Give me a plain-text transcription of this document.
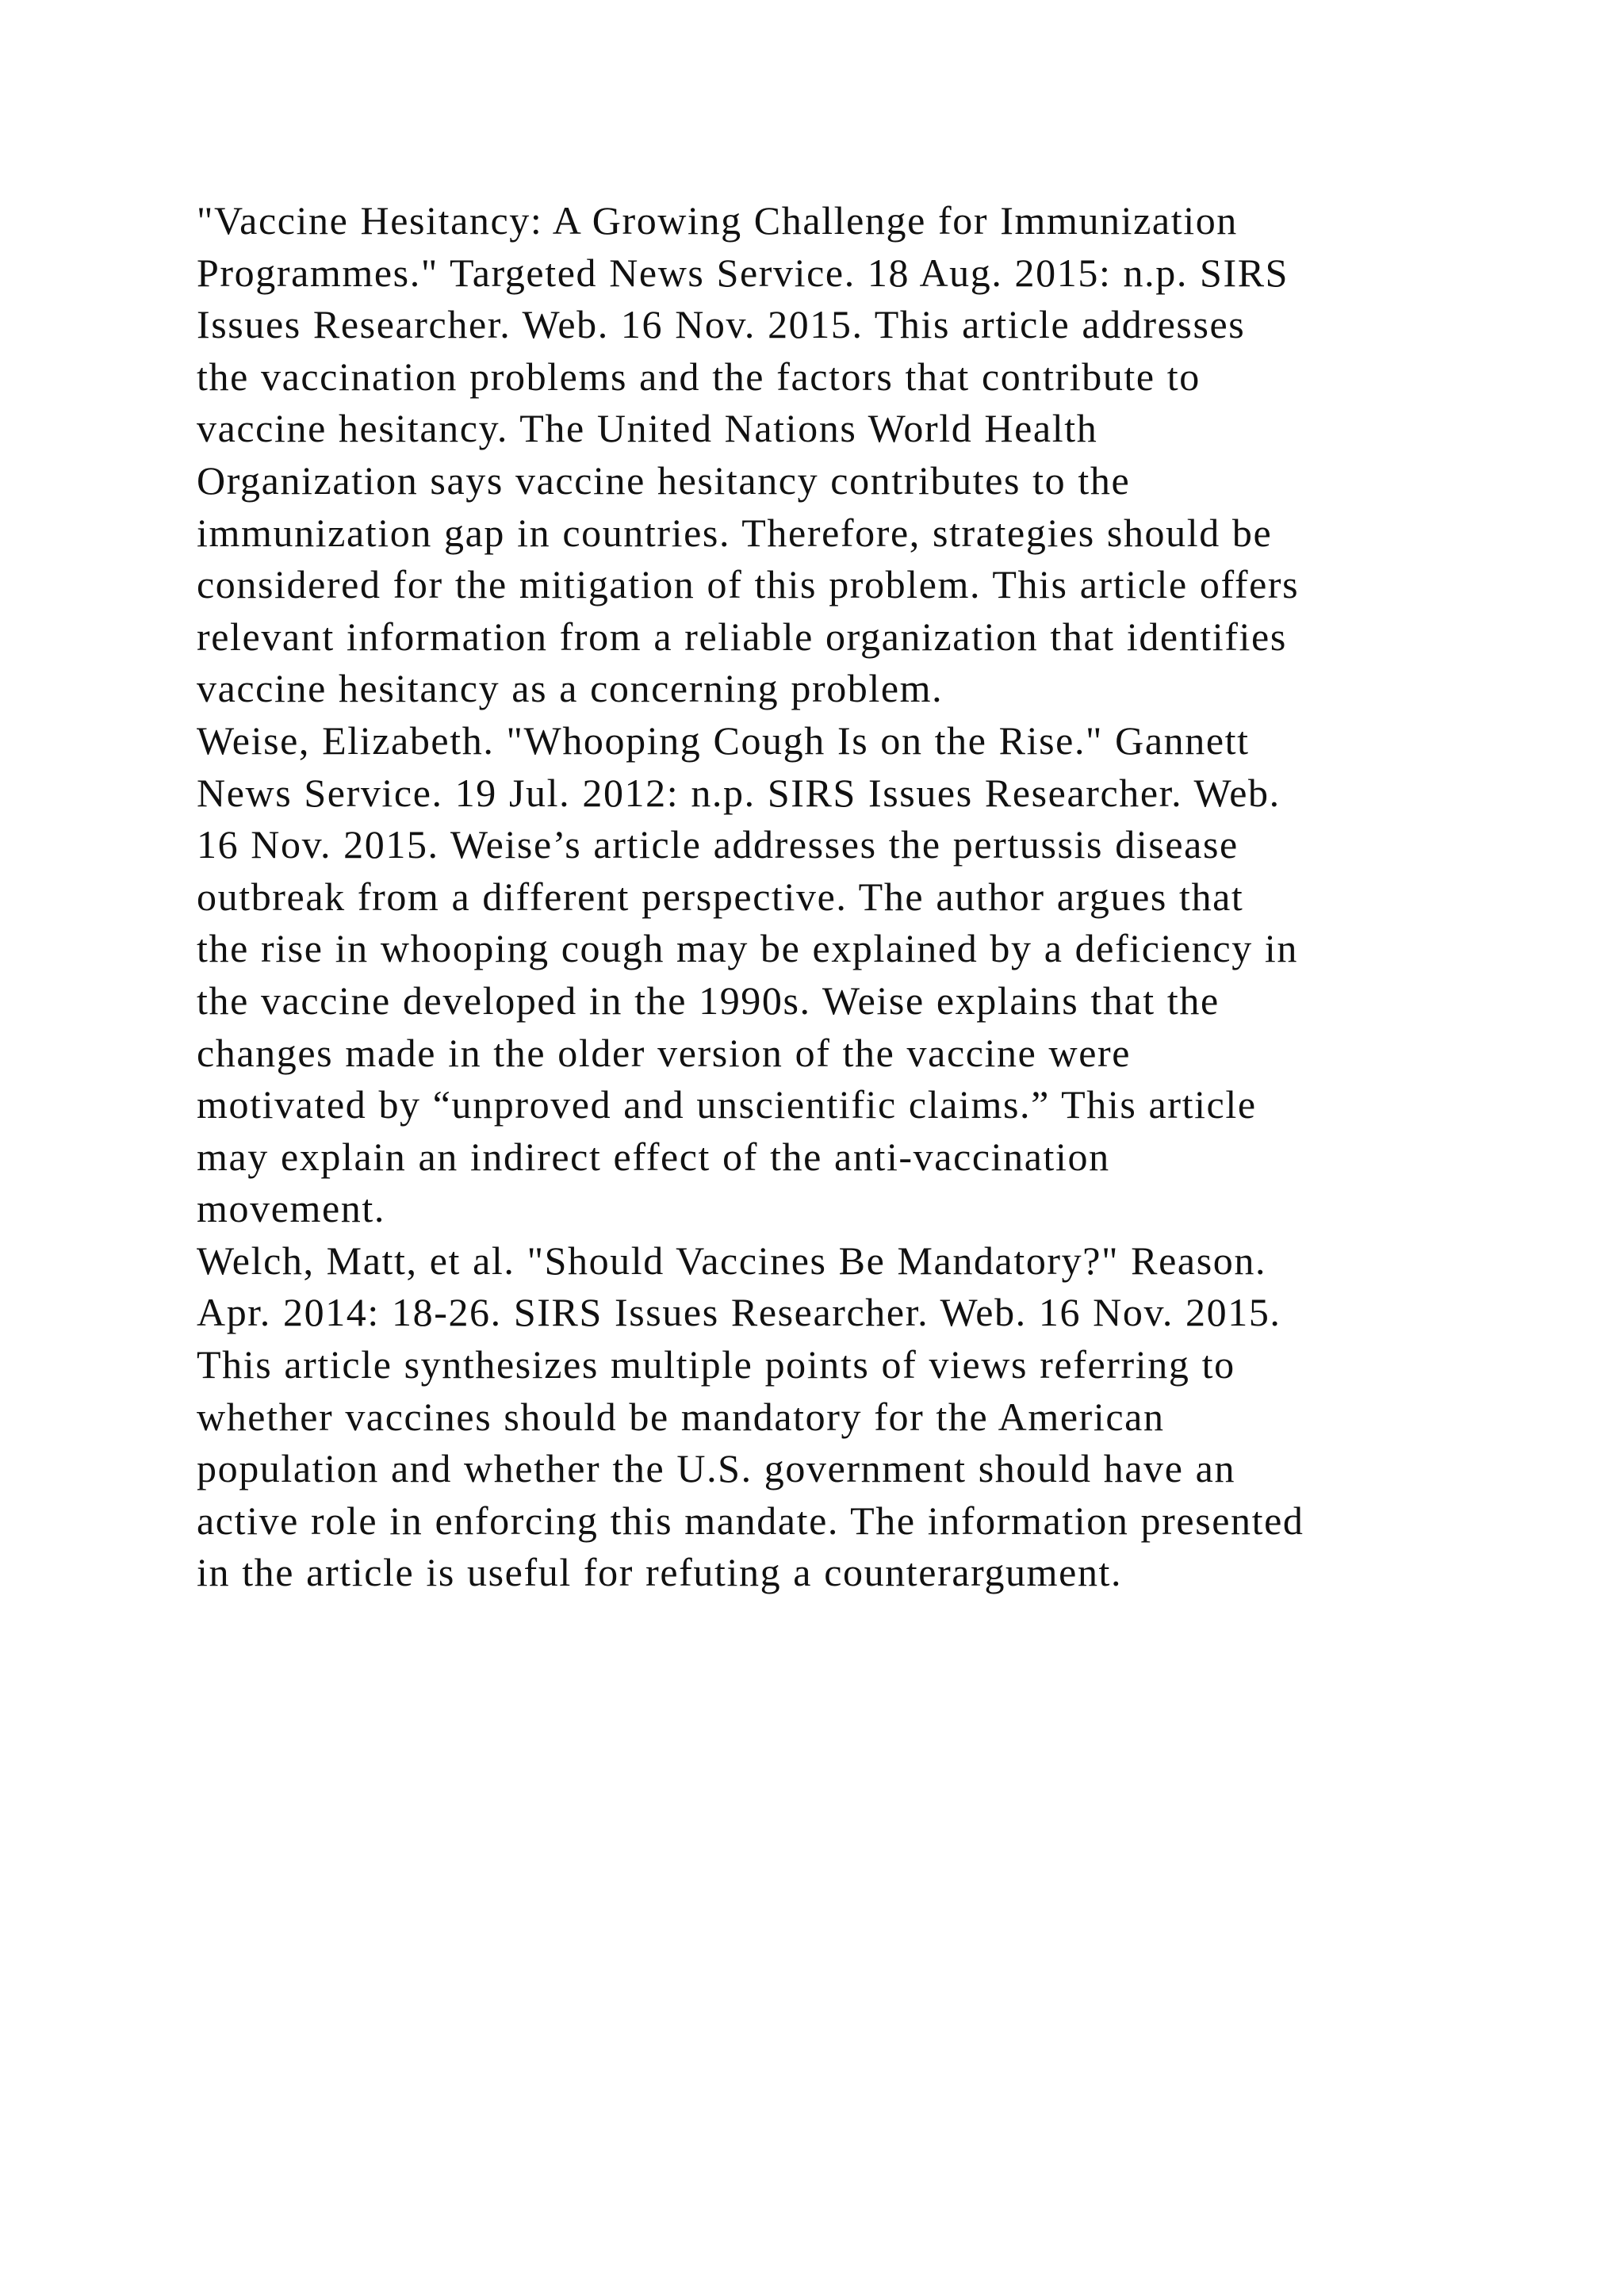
"Vaccine Hesitancy: A Growing Challenge for Immunization
Programmes." Targeted News Service. 18 Aug. 2015: n.p. SIRS
Issues Researcher. Web. 16 Nov. 2015. This article addresses
the vaccination problems and the factors that contribute to
vaccine hesitancy. The United Nations World Health
Organization says vaccine hesitancy contributes to the
immunization gap in countries. Therefore, strategies should be
considered for the mitigation of this problem. This article offers
relevant information from a reliable organization that identifies
vaccine hesitancy as a concerning problem.
Weise, Elizabeth. "Whooping Cough Is on the Rise." Gannett
News Service. 19 Jul. 2012: n.p. SIRS Issues Researcher. Web.
16 Nov. 2015. Weise’s article addresses the pertussis disease
outbreak from a different perspective. The author argues that
the rise in whooping cough may be explained by a deficiency in
the vaccine developed in the 1990s. Weise explains that the
changes made in the older version of the vaccine were
motivated by “unproved and unscientific claims.” This article
may explain an indirect effect of the anti-vaccination
movement.
Welch, Matt, et al. "Should Vaccines Be Mandatory?" Reason.
Apr. 2014: 18-26. SIRS Issues Researcher. Web. 16 Nov. 2015.
This article synthesizes multiple points of views referring to
whether vaccines should be mandatory for the American
population and whether the U.S. government should have an
active role in enforcing this mandate. The information presented
in the article is useful for refuting a counterargument.
